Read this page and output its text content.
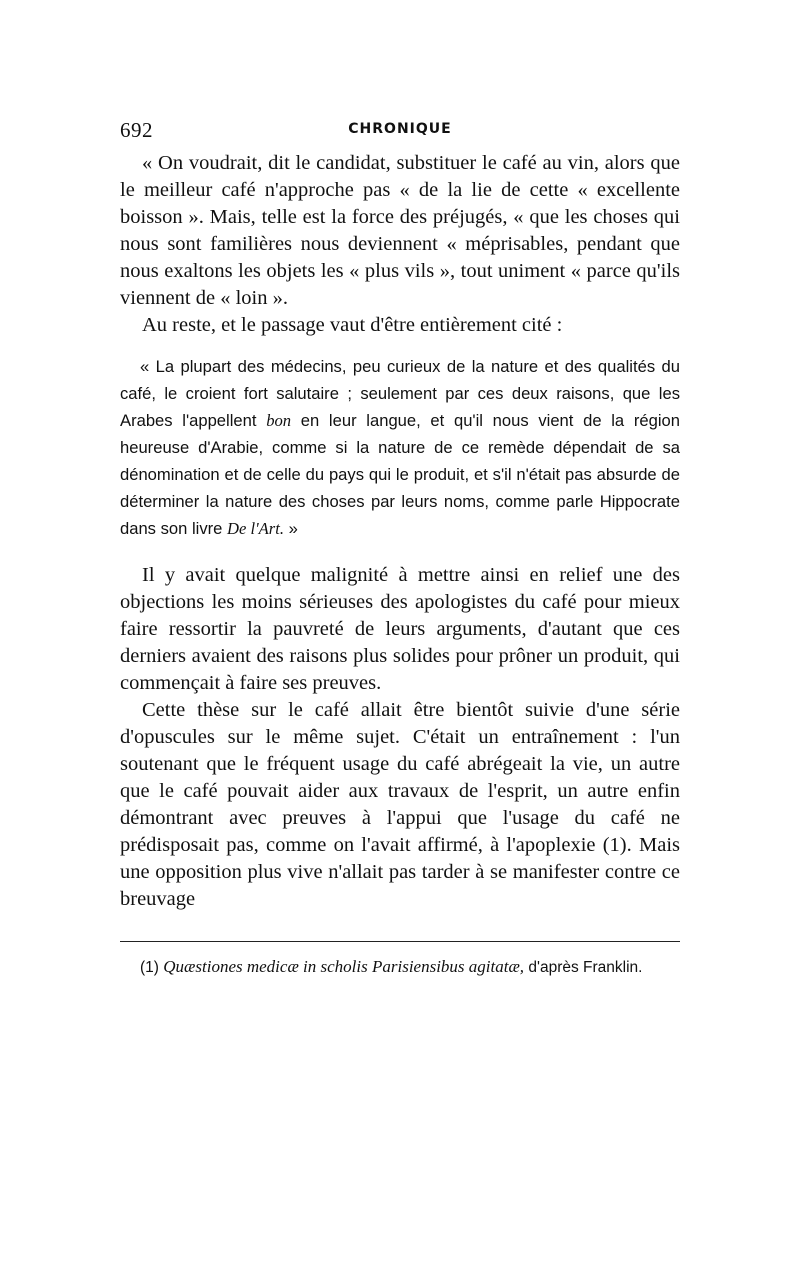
692	CHRONIQUE

« On voudrait, dit le candidat, substituer le café au vin, alors que le meilleur café n'approche pas « de la lie de cette « excellente boisson ». Mais, telle est la force des préjugés, « que les choses qui nous sont familières nous deviennent « méprisables, pendant que nous exaltons les objets les « plus vils », tout uniment « parce qu'ils viennent de « loin ».

Au reste, et le passage vaut d'être entièrement cité :

« La plupart des médecins, peu curieux de la nature et des qualités du café, le croient fort salutaire ; seulement par ces deux raisons, que les Arabes l'appellent bon en leur langue, et qu'il nous vient de la région heureuse d'Arabie, comme si la nature de ce remède dépendait de sa dénomination et de celle du pays qui le produit, et s'il n'était pas absurde de déterminer la nature des choses par leurs noms, comme parle Hippocrate dans son livre De l'Art. »

Il y avait quelque malignité à mettre ainsi en relief une des objections les moins sérieuses des apologistes du café pour mieux faire ressortir la pauvreté de leurs arguments, d'autant que ces derniers avaient des raisons plus solides pour prôner un produit, qui commençait à faire ses preuves.

Cette thèse sur le café allait être bientôt suivie d'une série d'opuscules sur le même sujet. C'était un entraînement : l'un soutenant que le fréquent usage du café abrégeait la vie, un autre que le café pouvait aider aux travaux de l'esprit, un autre enfin démontrant avec preuves à l'appui que l'usage du café ne prédisposait pas, comme on l'avait affirmé, à l'apoplexie (1). Mais une opposition plus vive n'allait pas tarder à se manifester contre ce breuvage

(1) Quæstiones medicæ in scholis Parisiensibus agitatæ, d'après Franklin.
